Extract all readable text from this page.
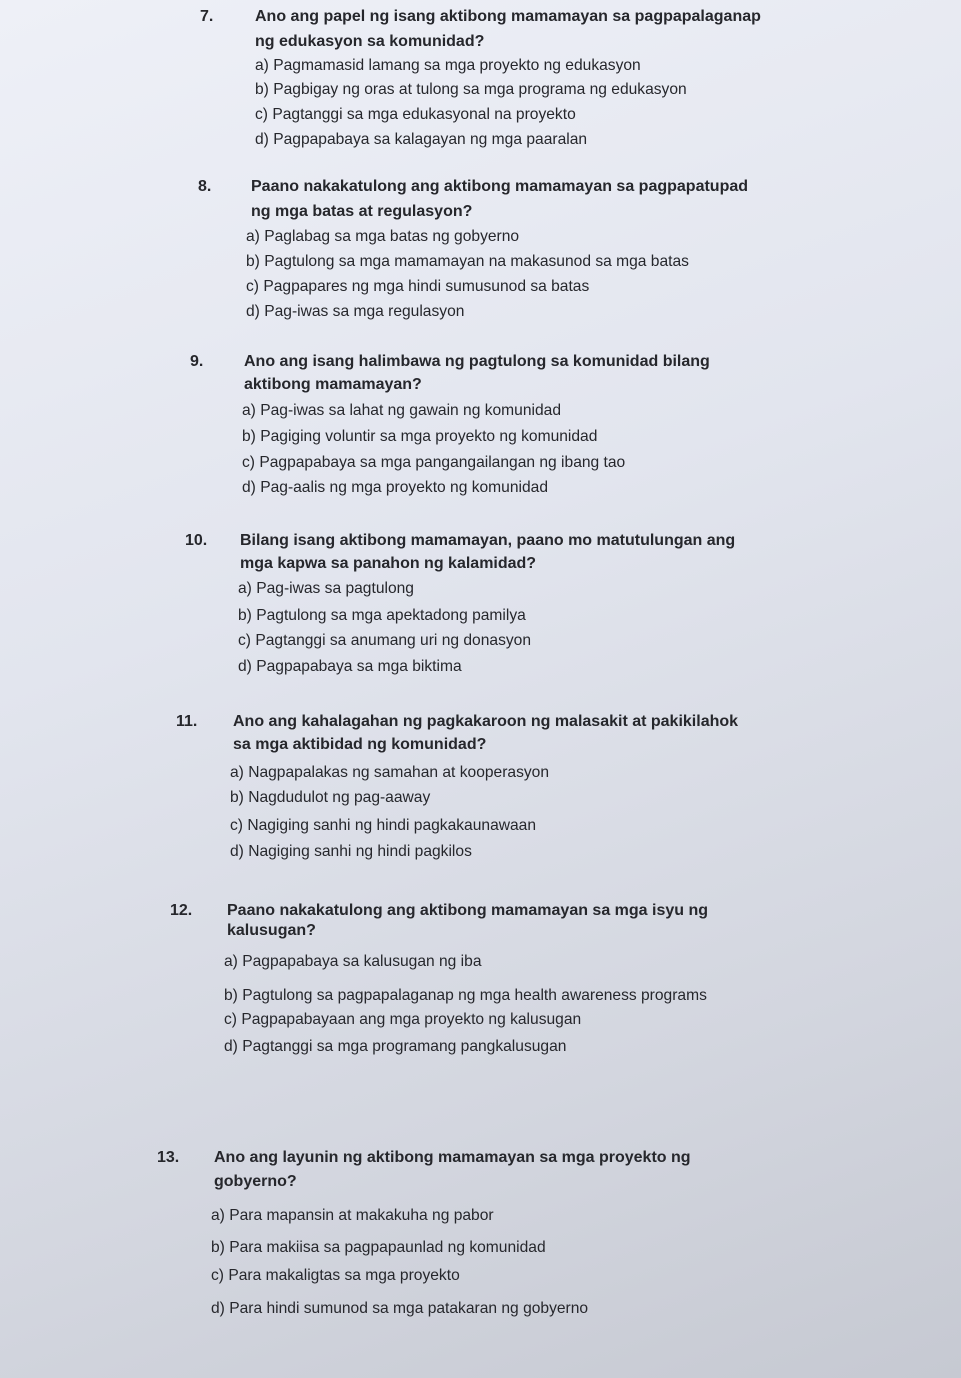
7.	Ano ang papel ng isang aktibong mamamayan sa pagpapalaganap
ng edukasyon sa komunidad?
a) Pagmamasid lamang sa mga proyekto ng edukasyon
b) Pagbigay ng oras at tulong sa mga programa ng edukasyon
c) Pagtanggi sa mga edukasyonal na proyekto
d) Pagpapabaya sa kalagayan ng mga paaralan
8. Paano nakakatulong ang aktibong mamamayan sa pagpapatupad
ng mga batas at regulasyon?
a) Paglabag sa mga batas ng gobyerno
b) Pagtulong sa mga mamamayan na makasunod sa mga batas
c) Pagpapares ng mga hindi sumusunod sa batas
d) Pag-iwas sa mga regulasyon
9.	Ano ang isang halimbawa ng pagtulong sa komunidad bilang
aktibong mamamayan?
a) Pag-iwas sa lahat ng gawain ng komunidad
b) Pagiging voluntir sa mga proyekto ng komunidad
c) Pagpapabaya sa mga pangangailangan ng ibang tao
d) Pag-aalis ng mga proyekto ng komunidad
10. Bilang isang aktibong mamamayan, paano mo matutulungan ang
mga kapwa sa panahon ng kalamidad?
a) Pag-iwas sa pagtulong
b) Pagtulong sa mga apektadong pamilya
c) Pagtanggi sa anumang uri ng donasyon
d) Pagpapabaya sa mga biktima
11. Ano ang kahalagahan ng pagkakaroon ng malasakit at pakikilahok
sa mga aktibidad ng komunidad?
a) Nagpapalakas ng samahan at kooperasyon
b) Nagdudulot ng pag-aaway
c) Nagiging sanhi ng hindi pagkakaunawaan
d) Nagiging sanhi ng hindi pagkilos
12. Paano nakakatulong ang aktibong mamamayan sa mga isyu ng
kalusugan?
a) Pagpapabaya sa kalusugan ng iba
b) Pagtulong sa pagpapalaganap ng mga health awareness programs
c) Pagpapabayaan ang mga proyekto ng kalusugan
d) Pagtanggi sa mga programang pangkalusugan
13. Ano ang layunin ng aktibong mamamayan sa mga proyekto ng
gobyerno?
a) Para mapansin at makakuha ng pabor
b) Para makiisa sa pagpapaunlad ng komunidad
c) Para makaligtas sa mga proyekto
d) Para hindi sumunod sa mga patakaran ng gobyerno
